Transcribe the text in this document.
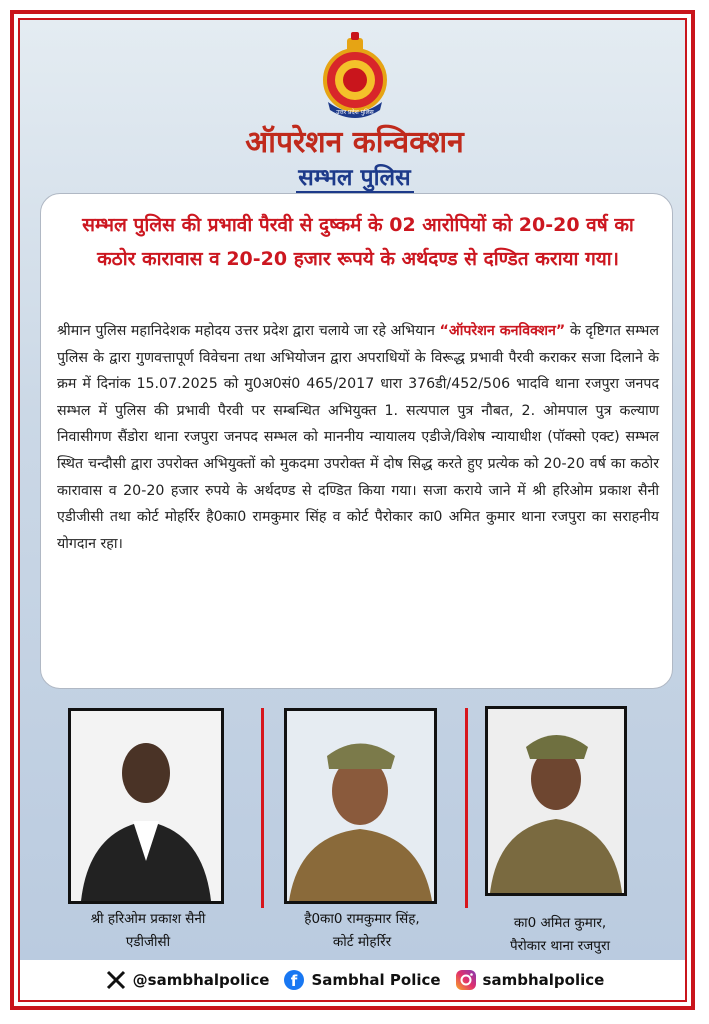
उत्तर प्रदेश पुलिस
ऑपरेशन कन्विक्शन
सम्भल पुलिस
सम्भल पुलिस की प्रभावी पैरवी से दुष्कर्म के 02 आरोपियों को 20-20 वर्ष का कठोर कारावास व 20-20 हजार रूपये के अर्थदण्ड से दण्डित कराया गया।
श्रीमान पुलिस महानिदेशक महोदय उत्तर प्रदेश द्वारा चलाये जा रहे अभियान “ऑपरेशन कनविक्शन” के दृष्टिगत सम्भल पुलिस के द्वारा गुणवत्तापूर्ण विवेचना तथा अभियोजन द्वारा अपराधियों के विरूद्ध प्रभावी पैरवी कराकर सजा दिलाने के क्रम में दिनांक 15.07.2025 को मु0अ0सं0 465/2017 धारा 376डी/452/506 भादवि थाना रजपुरा जनपद सम्भल में पुलिस की प्रभावी पैरवी पर सम्बन्धित अभियुक्त 1. सत्यपाल पुत्र नौबत, 2. ओमपाल पुत्र कल्याण निवासीगण सैंडोरा थाना रजपुरा जनपद सम्भल को माननीय न्यायालय एडीजे/विशेष न्यायाधीश (पॉक्सो एक्ट) सम्भल स्थित चन्दौसी द्वारा उपरोक्त अभियुक्तों को मुकदमा उपरोक्त में दोष सिद्ध करते हुए प्रत्येक को 20-20 वर्ष का कठोर कारावास व 20-20 हजार रुपये के अर्थदण्ड से दण्डित किया गया। सजा कराये जाने में श्री हरिओम प्रकाश सैनी एडीजीसी तथा कोर्ट मोहर्रिर है0का0 रामकुमार सिंह व कोर्ट पैरोकार का0 अमित कुमार थाना रजपुरा का सराहनीय योगदान रहा।
श्री हरिओम प्रकाश सैनी
एडीजीसी
है0का0 रामकुमार सिंह,
कोर्ट मोहर्रिर
का0 अमित कुमार,
पैरोकार थाना रजपुरा
@sambhalpolice f Sambhal Police	sambhalpolice
